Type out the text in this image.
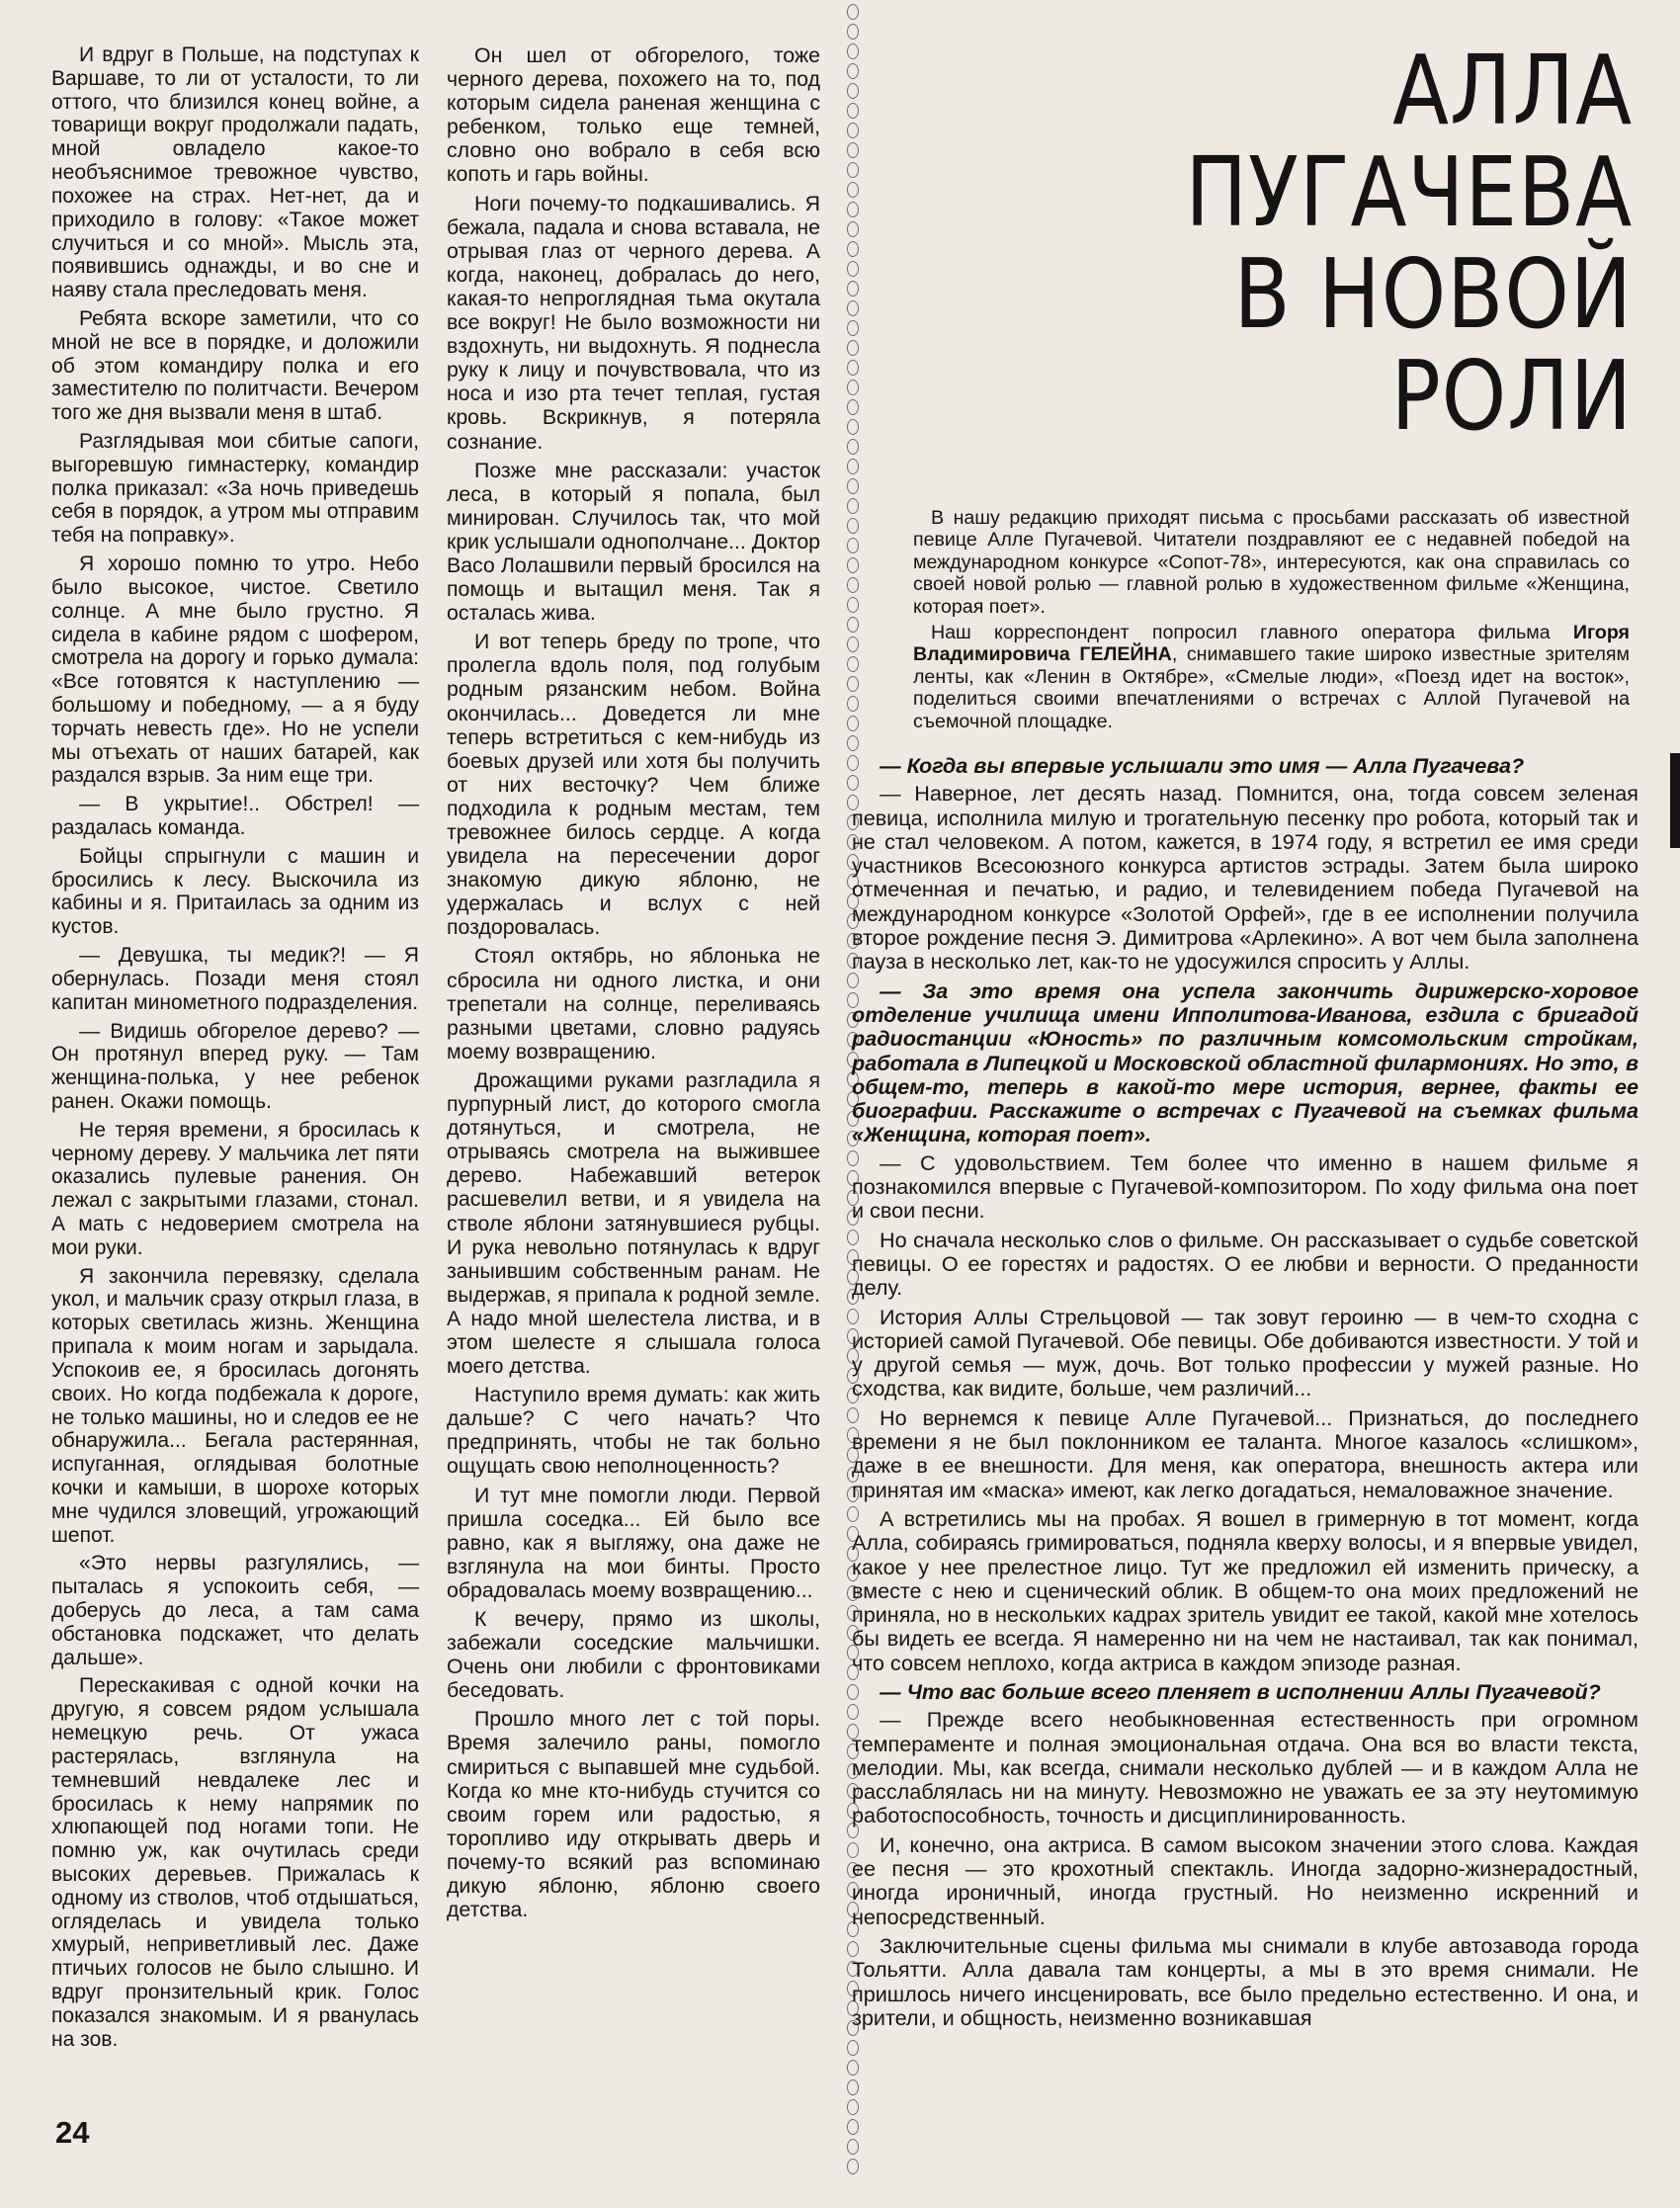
И вдруг в Польше, на подступах к Варшаве, то ли от усталости, то ли оттого, что близился конец войне, а товарищи вокруг продолжали падать, мной овладело какое-то необъяснимое тревожное чувство, похожее на страх. Нет-нет, да и приходило в голову: «Такое может случиться и со мной». Мысль эта, появившись однажды, и во сне и наяву стала преследовать меня.

Ребята вскоре заметили, что со мной не все в порядке, и доложили об этом командиру полка и его заместителю по политчасти. Вечером того же дня вызвали меня в штаб.

Разглядывая мои сбитые сапоги, выгоревшую гимнастерку, командир полка приказал: «За ночь приведешь себя в порядок, а утром мы отправим тебя на поправку».

Я хорошо помню то утро. Небо было высокое, чистое. Светило солнце. А мне было грустно. Я сидела в кабине рядом с шофером, смотрела на дорогу и горько думала: «Все готовятся к наступлению — большому и победному, — а я буду торчать невесть где». Но не успели мы отъехать от наших батарей, как раздался взрыв. За ним еще три.

— В укрытие!.. Обстрел! — раздалась команда.

Бойцы спрыгнули с машин и бросились к лесу. Выскочила из кабины и я. Притаилась за одним из кустов.

— Девушка, ты медик?! — Я обернулась. Позади меня стоял капитан минометного подразделения.

— Видишь обгорелое дерево? — Он протянул вперед руку. — Там женщина-полька, у нее ребенок ранен. Окажи помощь.

Не теряя времени, я бросилась к черному дереву. У мальчика лет пяти оказались пулевые ранения. Он лежал с закрытыми глазами, стонал. А мать с недоверием смотрела на мои руки.

Я закончила перевязку, сделала укол, и мальчик сразу открыл глаза, в которых светилась жизнь. Женщина припала к моим ногам и зарыдала. Успокоив ее, я бросилась догонять своих. Но когда подбежала к дороге, не только машины, но и следов ее не обнаружила... Бегала растерянная, испуганная, оглядывая болотные кочки и камыши, в шорохе которых мне чудился зловещий, угрожающий шепот.

«Это нервы разгулялись, — пыталась я успокоить себя, — доберусь до леса, а там сама обстановка подскажет, что делать дальше».

Перескакивая с одной кочки на другую, я совсем рядом услышала немецкую речь. От ужаса растерялась, взглянула на темневший невдалеке лес и бросилась к нему напрямик по хлюпающей под ногами топи. Не помню уж, как очутилась среди высоких деревьев. Прижалась к одному из стволов, чтоб отдышаться, огляделась и увидела только хмурый, неприветливый лес. Даже птичьих голосов не было слышно. И вдруг пронзительный крик. Голос показался знакомым. И я рванулась на зов.

Он шел от обгорелого, тоже черного дерева, похожего на то, под которым сидела раненая женщина с ребенком, только еще темней, словно оно вобрало в себя всю копоть и гарь войны.

Ноги почему-то подкашивались. Я бежала, падала и снова вставала, не отрывая глаз от черного дерева. А когда, наконец, добралась до него, какая-то непроглядная тьма окутала все вокруг! Не было возможности ни вздохнуть, ни выдохнуть. Я поднесла руку к лицу и почувствовала, что из носа и изо рта течет теплая, густая кровь. Вскрикнув, я потеряла сознание.

Позже мне рассказали: участок леса, в который я попала, был минирован. Случилось так, что мой крик услышали однополчане... Доктор Васо Лолашвили первый бросился на помощь и вытащил меня. Так я осталась жива.

И вот теперь бреду по тропе, что пролегла вдоль поля, под голубым родным рязанским небом. Война окончилась... Доведется ли мне теперь встретиться с кем-нибудь из боевых друзей или хотя бы получить от них весточку? Чем ближе подходила к родным местам, тем тревожнее билось сердце. А когда увидела на пересечении дорог знакомую дикую яблоню, не удержалась и вслух с ней поздоровалась.

Стоял октябрь, но яблонька не сбросила ни одного листка, и они трепетали на солнце, переливаясь разными цветами, словно радуясь моему возвращению.

Дрожащими руками разгладила я пурпурный лист, до которого смогла дотянуться, и смотрела, не отрываясь смотрела на выжившее дерево. Набежавший ветерок расшевелил ветви, и я увидела на стволе яблони затянувшиеся рубцы. И рука невольно потянулась к вдруг заныившим собственным ранам. Не выдержав, я припала к родной земле. А надо мной шелестела листва, и в этом шелесте я слышала голоса моего детства.

Наступило время думать: как жить дальше? С чего начать? Что предпринять, чтобы не так больно ощущать свою неполноценность?

И тут мне помогли люди. Первой пришла соседка... Ей было все равно, как я выгляжу, она даже не взглянула на мои бинты. Просто обрадовалась моему возвращению...

К вечеру, прямо из школы, забежали соседские мальчишки. Очень они любили с фронтовиками беседовать.

Прошло много лет с той поры. Время залечило раны, помогло смириться с выпавшей мне судьбой. Когда ко мне кто-нибудь стучится со своим горем или радостью, я торопливо иду открывать дверь и почему-то всякий раз вспоминаю дикую яблоню, яблоню своего детства.

24
АЛЛА ПУГАЧЕВА В НОВОЙ РОЛИ

В нашу редакцию приходят письма с просьбами рассказать об известной певице Алле Пугачевой. Читатели поздравляют ее с недавней победой на международном конкурсе «Сопот-78», интересуются, как она справилась со своей новой ролью — главной ролью в художественном фильме «Женщина, которая поет».

Наш корреспондент попросил главного оператора фильма Игоря Владимировича ГЕЛЕЙНА, снимавшего такие широко известные зрителям ленты, как «Ленин в Октябре», «Смелые люди», «Поезд идет на восток», поделиться своими впечатлениями о встречах с Аллой Пугачевой на съемочной площадке.

— Когда вы впервые услышали это имя — Алла Пугачева?

— Наверное, лет десять назад. Помнится, она, тогда совсем зеленая певица, исполнила милую и трогательную песенку про робота, который так и не стал человеком. А потом, кажется, в 1974 году, я встретил ее имя среди участников Всесоюзного конкурса артистов эстрады. Затем была широко отмеченная и печатью, и радио, и телевидением победа Пугачевой на международном конкурсе «Золотой Орфей», где в ее исполнении получила второе рождение песня Э. Димитрова «Арлекино». А вот чем была заполнена пауза в несколько лет, как-то не удосужился спросить у Аллы.

— За это время она успела закончить дирижерско-хоровое отделение училища имени Ипполитова-Иванова, ездила с бригадой радиостанции «Юность» по различным комсомольским стройкам, работала в Липецкой и Московской областной филармониях. Но это, в общем-то, теперь в какой-то мере история, вернее, факты ее биографии. Расскажите о встречах с Пугачевой на съемках фильма «Женщина, которая поет».

— С удовольствием. Тем более что именно в нашем фильме я познакомился впервые с Пугачевой-композитором. По ходу фильма она поет и свои песни.

Но сначала несколько слов о фильме. Он рассказывает о судьбе советской певицы. О ее горестях и радостях. О ее любви и верности. О преданности делу.

История Аллы Стрельцовой — так зовут героиню — в чем-то сходна с историей самой Пугачевой. Обе певицы. Обе добиваются известности. У той и у другой семья — муж, дочь. Вот только профессии у мужей разные. Но сходства, как видите, больше, чем различий...

Но вернемся к певице Алле Пугачевой... Признаться, до последнего времени я не был поклонником ее таланта. Многое казалось «слишком», даже в ее внешности. Для меня, как оператора, внешность актера или принятая им «маска» имеют, как легко догадаться, немаловажное значение.

А встретились мы на пробах. Я вошел в гримерную в тот момент, когда Алла, собираясь гримироваться, подняла кверху волосы, и я впервые увидел, какое у нее прелестное лицо. Тут же предложил ей изменить прическу, а вместе с нею и сценический облик. В общем-то она моих предложений не приняла, но в нескольких кадрах зритель увидит ее такой, какой мне хотелось бы видеть ее всегда. Я намеренно ни на чем не настаивал, так как понимал, что совсем неплохо, когда актриса в каждом эпизоде разная.

— Что вас больше всего пленяет в исполнении Аллы Пугачевой?

— Прежде всего необыкновенная естественность при огромном темпераменте и полная эмоциональная отдача. Она вся во власти текста, мелодии. Мы, как всегда, снимали несколько дублей — и в каждом Алла не расслаблялась ни на минуту. Невозможно не уважать ее за эту неутомимую работоспособность, точность и дисциплинированность.

И, конечно, она актриса. В самом высоком значении этого слова. Каждая ее песня — это крохотный спектакль. Иногда задорно-жизнерадостный, иногда ироничный, иногда грустный. Но неизменно искренний и непосредственный.

Заключительные сцены фильма мы снимали в клубе автозавода города Тольятти. Алла давала там концерты, а мы в это время снимали. Не пришлось ничего инсценировать, все было предельно естественно. И она, и зрители, и общность, неизменно возникавшая
